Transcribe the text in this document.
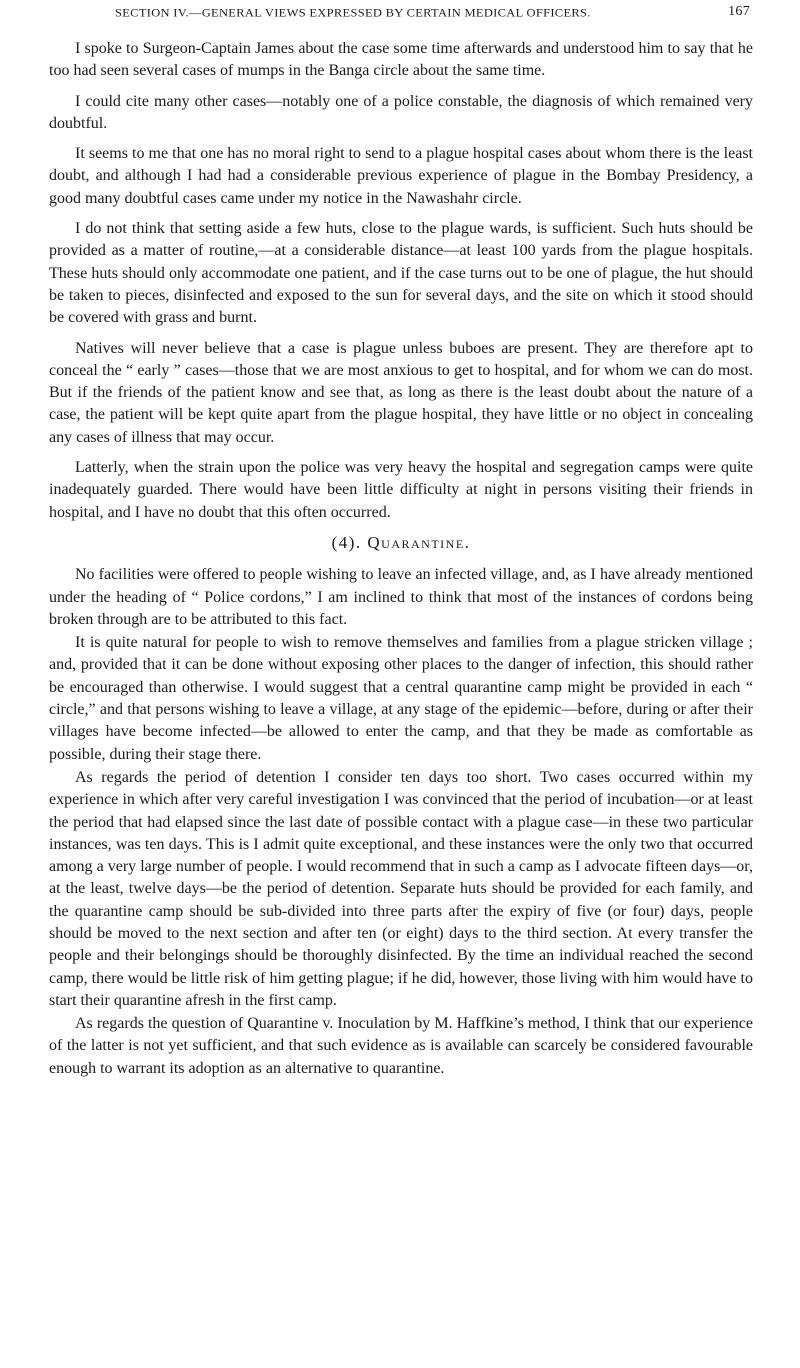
SECTION IV.—GENERAL VIEWS EXPRESSED BY CERTAIN MEDICAL OFFICERS.	167

I spoke to Surgeon-Captain James about the case some time afterwards and understood him to say that he too had seen several cases of mumps in the Banga circle about the same time.

I could cite many other cases—notably one of a police constable, the diagnosis of which remained very doubtful.

It seems to me that one has no moral right to send to a plague hospital cases about whom there is the least doubt, and although I had had a considerable previous experience of plague in the Bombay Presidency, a good many doubtful cases came under my notice in the Nawashahr circle.

I do not think that setting aside a few huts, close to the plague wards, is sufficient. Such huts should be provided as a matter of routine,—at a considerable distance—at least 100 yards from the plague hospitals. These huts should only accommodate one patient, and if the case turns out to be one of plague, the hut should be taken to pieces, disinfected and exposed to the sun for several days, and the site on which it stood should be covered with grass and burnt.

Natives will never believe that a case is plague unless buboes are present. They are therefore apt to conceal the “ early ” cases—those that we are most anxious to get to hospital, and for whom we can do most. But if the friends of the patient know and see that, as long as there is the least doubt about the nature of a case, the patient will be kept quite apart from the plague hospital, they have little or no object in concealing any cases of illness that may occur.

Latterly, when the strain upon the police was very heavy the hospital and segregation camps were quite inadequately guarded. There would have been little difficulty at night in persons visiting their friends in hospital, and I have no doubt that this often occurred.

(4). Quarantine.

No facilities were offered to people wishing to leave an infected village, and, as I have already mentioned under the heading of “ Police cordons,” I am inclined to think that most of the instances of cordons being broken through are to be attributed to this fact.

It is quite natural for people to wish to remove themselves and families from a plague stricken village ; and, provided that it can be done without exposing other places to the danger of infection, this should rather be encouraged than otherwise. I would suggest that a central quarantine camp might be provided in each “ circle,” and that persons wishing to leave a village, at any stage of the epidemic—before, during or after their villages have become infected—be allowed to enter the camp, and that they be made as comfortable as possible, during their stage there.

As regards the period of detention I consider ten days too short. Two cases occurred within my experience in which after very careful investigation I was convinced that the period of incubation—or at least the period that had elapsed since the last date of possible contact with a plague case—in these two particular instances, was ten days. This is I admit quite exceptional, and these instances were the only two that occurred among a very large number of people. I would recommend that in such a camp as I advocate fifteen days—or, at the least, twelve days—be the period of detention. Separate huts should be provided for each family, and the quarantine camp should be sub-divided into three parts after the expiry of five (or four) days, people should be moved to the next section and after ten (or eight) days to the third section. At every transfer the people and their belongings should be thoroughly disinfected. By the time an individual reached the second camp, there would be little risk of him getting plague; if he did, however, those living with him would have to start their quarantine afresh in the first camp.

As regards the question of Quarantine v. Inoculation by M. Haffkine’s method, I think that our experience of the latter is not yet sufficient, and that such evidence as is available can scarcely be considered favourable enough to warrant its adoption as an alternative to quarantine.
